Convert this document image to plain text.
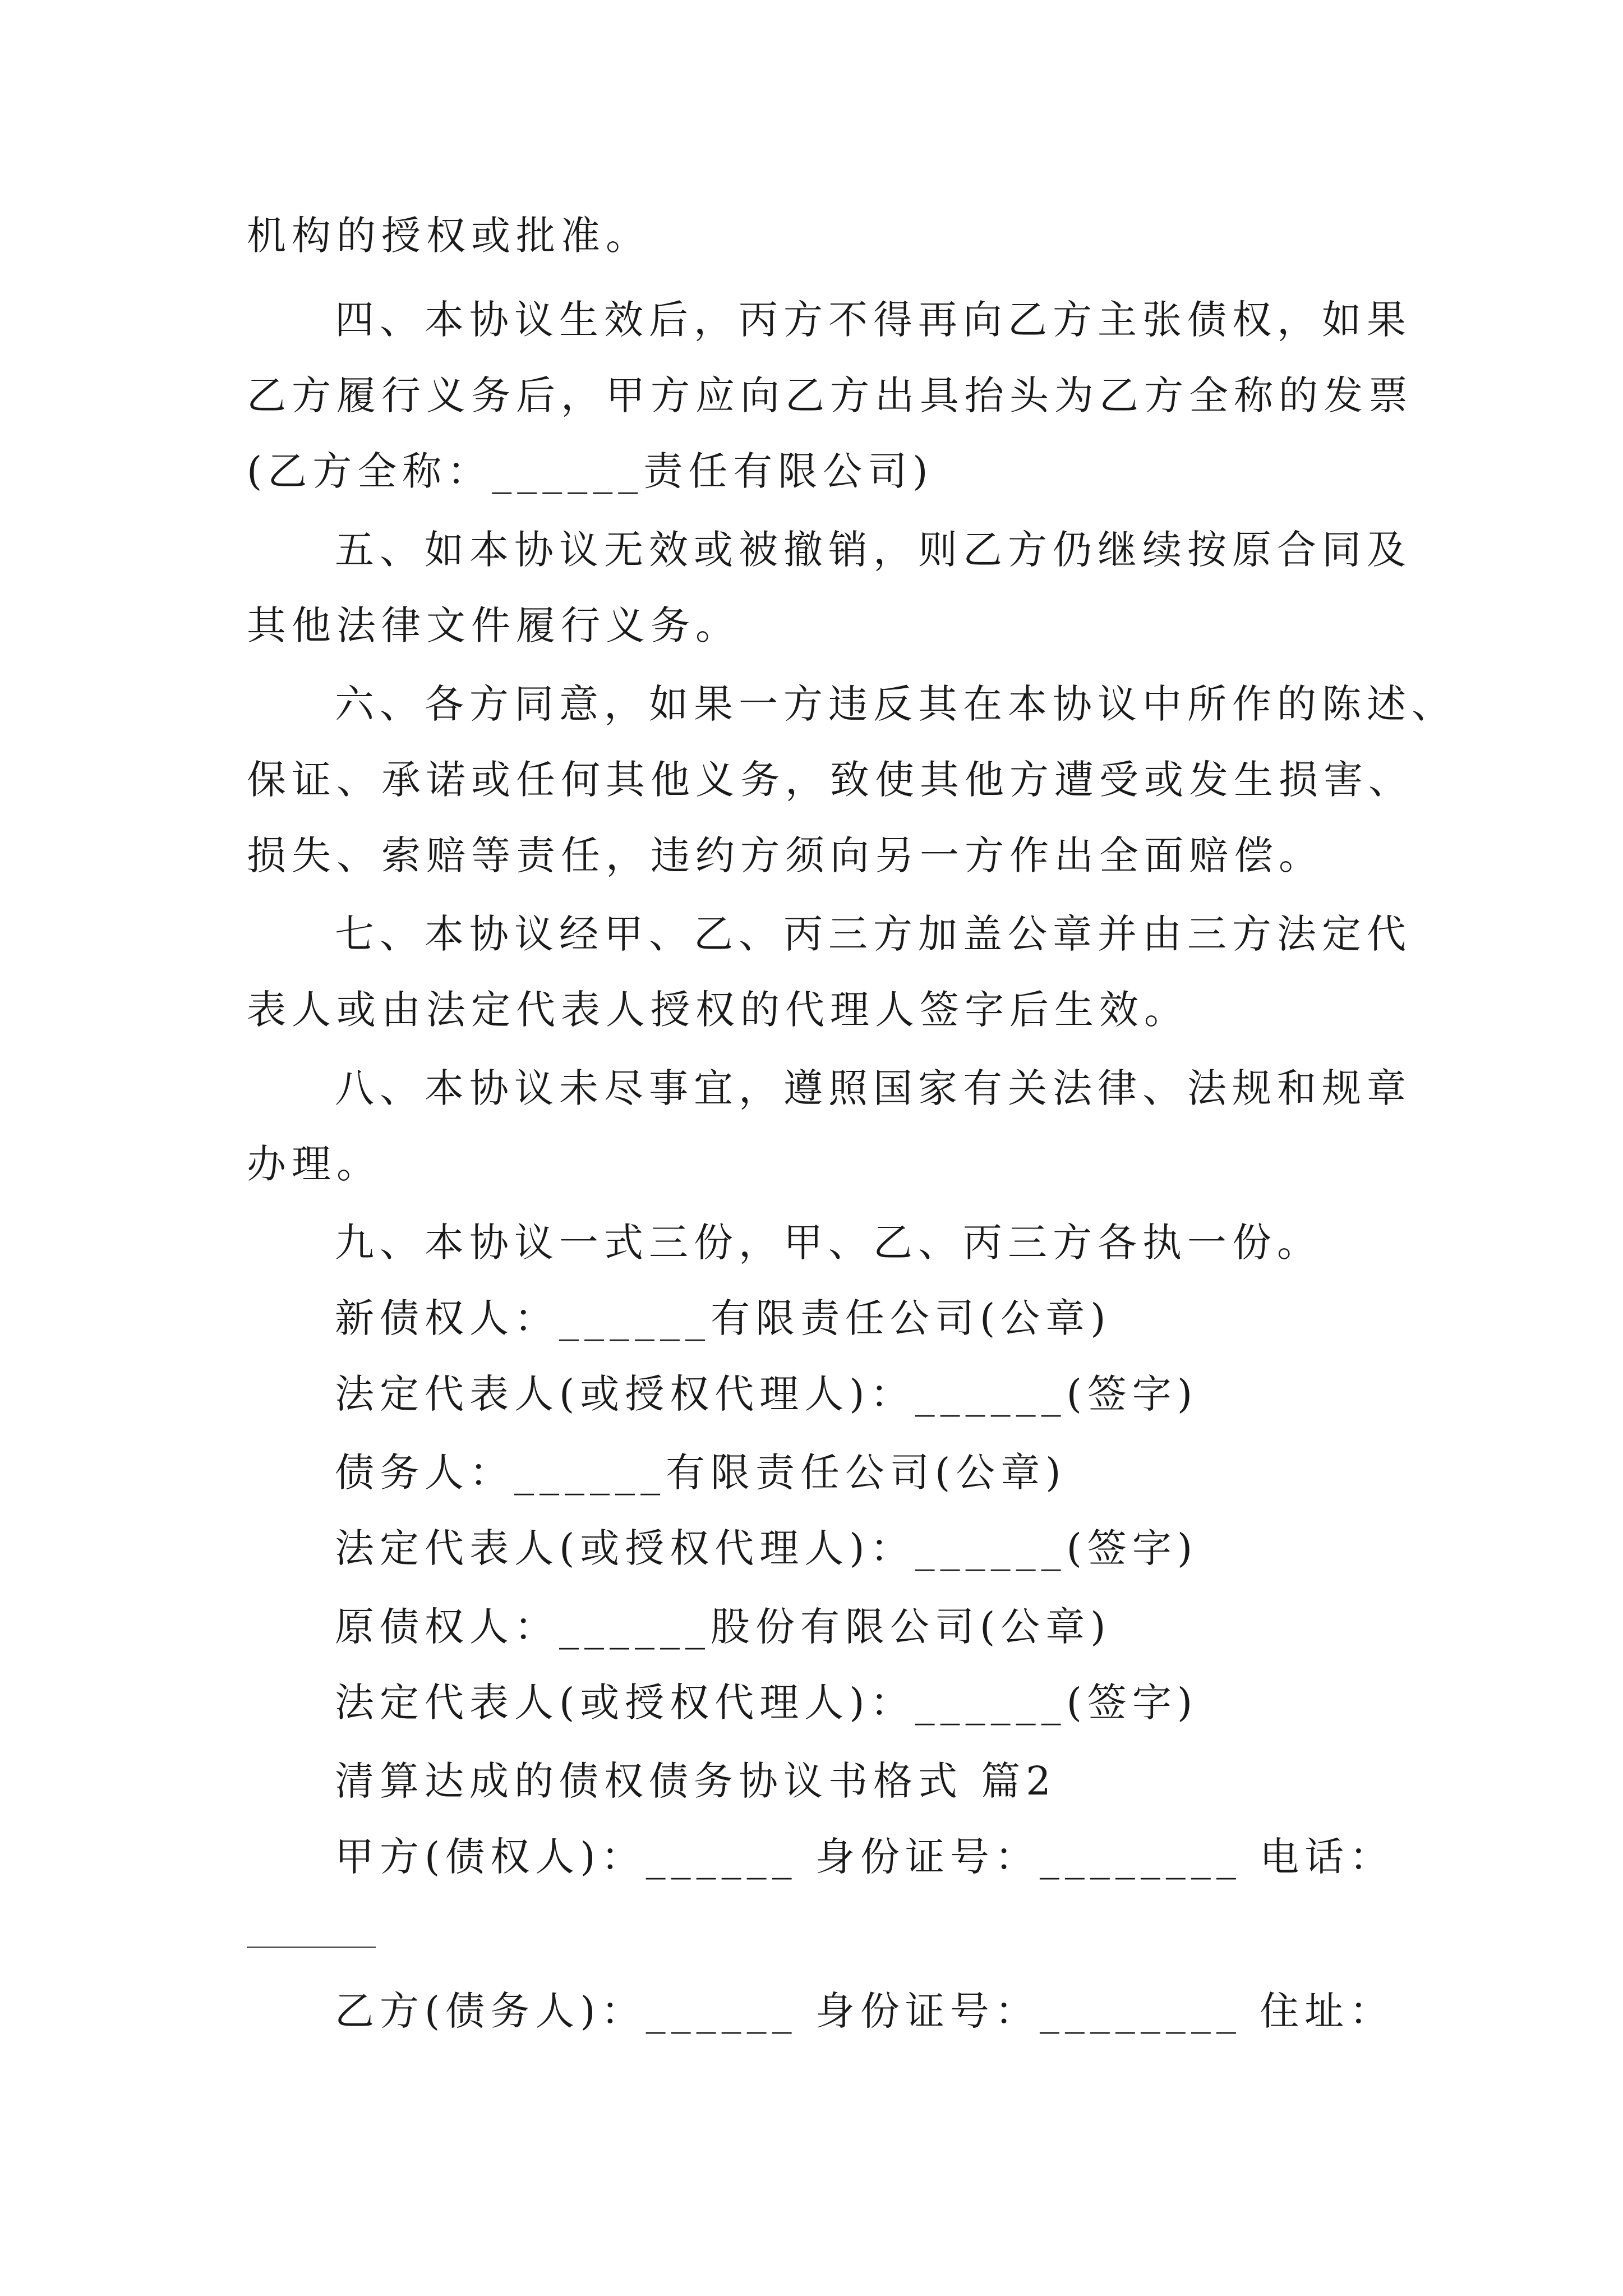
机构的授权或批准。
四、本协议生效后，丙方不得再向乙方主张债权，如果
乙方履行义务后，甲方应向乙方出具抬头为乙方全称的发票
(乙方全称：______责任有限公司)
五、如本协议无效或被撤销，则乙方仍继续按原合同及
其他法律文件履行义务。
六、各方同意，如果一方违反其在本协议中所作的陈述、
保证、承诺或任何其他义务，致使其他方遭受或发生损害、
损失、索赔等责任，违约方须向另一方作出全面赔偿。
七、本协议经甲、乙、丙三方加盖公章并由三方法定代
表人或由法定代表人授权的代理人签字后生效。
八、本协议未尽事宜，遵照国家有关法律、法规和规章
办理。
九、本协议一式三份，甲、乙、丙三方各执一份。
新债权人：______有限责任公司(公章)
法定代表人(或授权代理人)：______(签字)
债务人：______有限责任公司(公章)
法定代表人(或授权代理人)：______(签字)
原债权人：______股份有限公司(公章)
法定代表人(或授权代理人)：______(签字)
清算达成的债权债务协议书格式 篇2
甲方(债权人)：______ 身份证号：________ 电话：
乙方(债务人)：______ 身份证号：________ 住址：
